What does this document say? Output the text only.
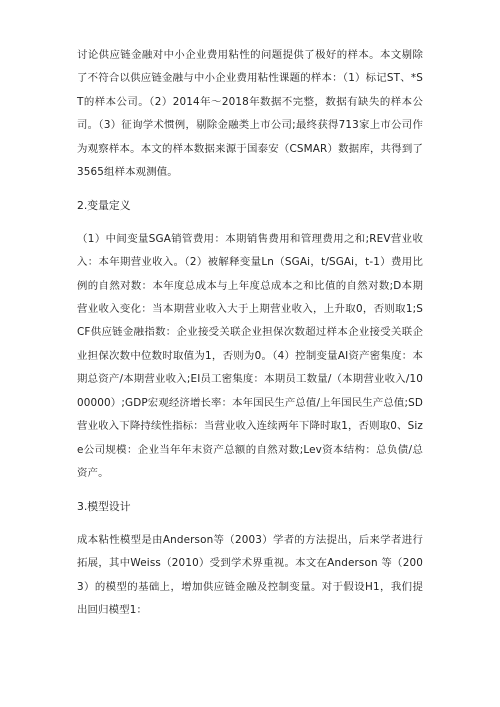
讨论供应链金融对中小企业费用粘性的问题提供了极好的样本。本文剔除了不符合以供应链金融与中小企业费用粘性课题的样本：（1）标记ST、*ST的样本公司。（2）2014年～2018年数据不完整，数据有缺失的样本公司。（3）征询学术惯例，剔除金融类上市公司;最终获得713家上市公司作为观察样本。本文的样本数据来源于国泰安（CSMAR）数据库，共得到了3565组样本观测值。

2.变量定义

（1）中间变量SGA销管费用：本期销售费用和管理费用之和;REV营业收入：本年期营业收入。（2）被解释变量Ln（SGAi，t/SGAi，t-1）费用比例的自然对数：本年度总成本与上年度总成本之和比值的自然对数;D本期营业收入变化：当本期营业收入大于上期营业收入，上升取0，否则取1;SCF供应链金融指数：企业接受关联企业担保次数超过样本企业接受关联企业担保次数中位数时取值为1，否则为0。（4）控制变量AI资产密集度：本期总资产/本期营业收入;EI员工密集度：本期员工数量/（本期营业收入/1000000）;GDP宏观经济增长率：本年国民生产总值/上年国民生产总值;SD营业收入下降持续性指标：当营业收入连续两年下降时取1，否则取0、Size公司规模：企业当年年末资产总额的自然对数;Lev资本结构：总负债/总资产。

3.模型设计

成本粘性模型是由Anderson等（2003）学者的方法提出，后来学者进行拓展，其中Weiss（2010）受到学术界重视。本文在Anderson 等（2003）的模型的基础上，增加供应链金融及控制变量。对于假设H1，我们提出回归模型1：
